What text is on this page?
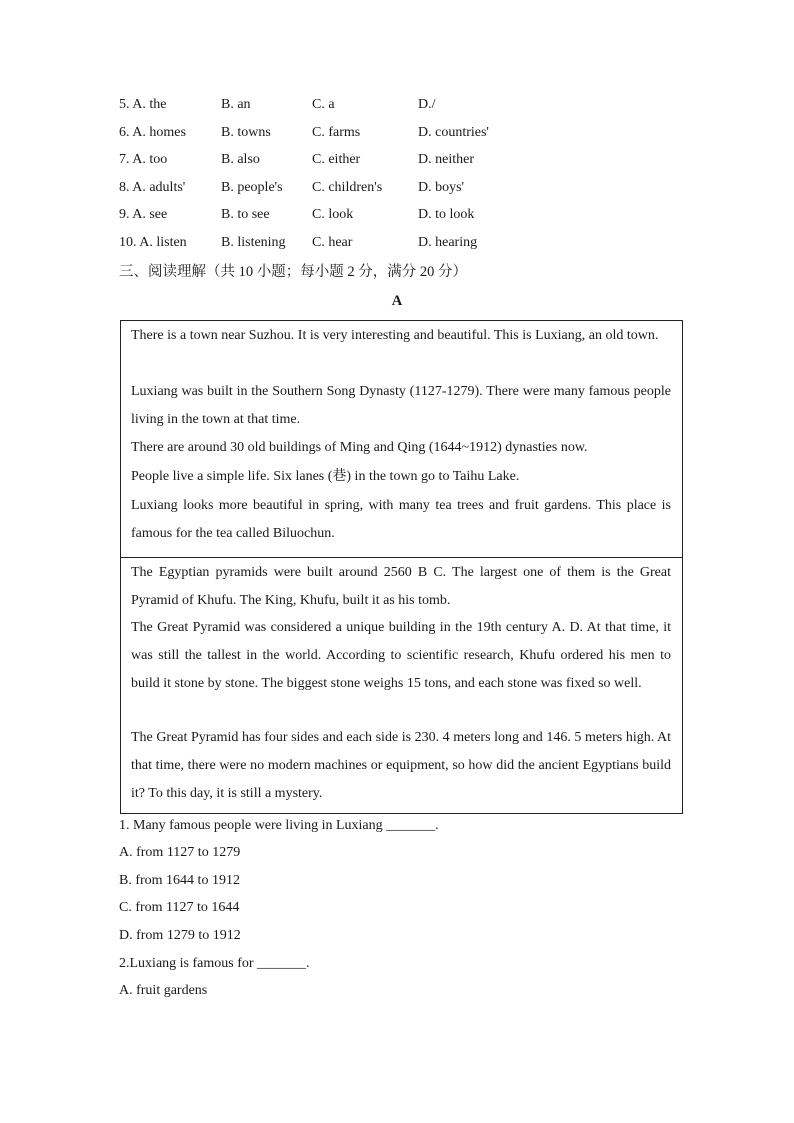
5. A. the	B. an	C. a	D./
6. A. homes	B. towns	C. farms	D. countries'
7. A. too	B. also	C. either	D. neither
8. A. adults'	B. people's C. children's	D. boys'
9. A. see	B. to see	C. look	D. to look
10. A. listen B. listening C. hear	D. hearing
三、阅读理解（共 10 小题；每小题 2 分，满分 20 分）
A
There is a town near Suzhou. It is very interesting and beautiful. This is Luxiang, an old town.
Luxiang was built in the Southern Song Dynasty (1127-1279). There were many famous people living in the town at that time.
There are around 30 old buildings of Ming and Qing (1644~1912) dynasties now.
People live a simple life. Six lanes (巷) in the town go to Taihu Lake.
Luxiang looks more beautiful in spring, with many tea trees and fruit gardens. This place is famous for the tea called Biluochun.
The Egyptian pyramids were built around 2560 B C. The largest one of them is the Great Pyramid of Khufu. The King, Khufu, built it as his tomb.
The Great Pyramid was considered a unique building in the 19th century A. D. At that time, it was still the tallest in the world. According to scientific research, Khufu ordered his men to build it stone by stone. The biggest stone weighs 15 tons, and each stone was fixed so well.
The Great Pyramid has four sides and each side is 230. 4 meters long and 146. 5 meters high. At that time, there were no modern machines or equipment, so how did the ancient Egyptians build it? To this day, it is still a mystery.
1. Many famous people were living in Luxiang _______.
A. from 1127 to 1279
B. from 1644 to 1912
C. from 1127 to 1644
D. from 1279 to 1912
2.Luxiang is famous for _______.
A. fruit gardens
